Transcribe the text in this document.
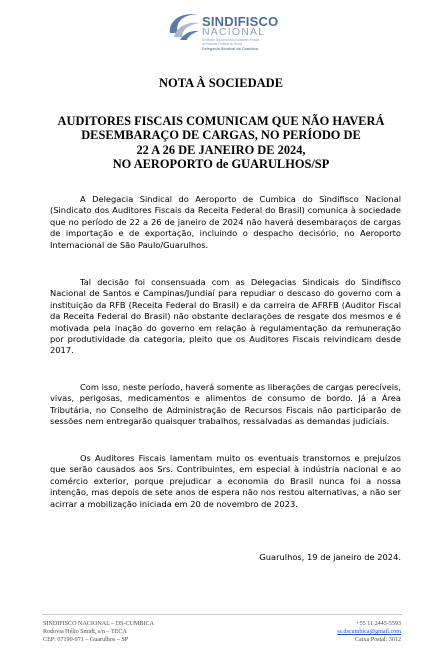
SINDIFISCO
NACIONAL
Sindicato Nacional dos Auditores Fiscais
da Receita Federal do Brasil
Delegacia Sindical de Cumbica
NOTA À SOCIEDADE
AUDITORES FISCAIS COMUNICAM QUE NÃO HAVERÁ
DESEMBARAÇO DE CARGAS, NO PERÍODO DE
22 A 26 DE JANEIRO DE 2024,
NO AEROPORTO de GUARULHOS/SP

A Delegacia Sindical do Aeroporto de Cumbica do Sindifisco Nacional (Sindicato dos Auditores Fiscais da Receita Federal do Brasil) comunica à sociedade que no período de 22 a 26 de janeiro de 2024 não haverá desembaraços de cargas de importação e de exportação, incluindo o despacho decisório, no Aeroporto Internacional de São Paulo/Guarulhos.

Tal decisão foi consensuada com as Delegacias Sindicais do Sindifisco Nacional de Santos e Campinas/Jundiaí para repudiar o descaso do governo com a instituição da RFB (Receita Federal do Brasil) e da carreira de AFRFB (Auditor Fiscal da Receita Federal do Brasil) não obstante declarações de resgate dos mesmos e é motivada pela inação do governo em relação à regulamentação da remuneração por produtividade da categoria, pleito que os Auditores Fiscais reivindicam desde 2017.

Com isso, neste período, haverá somente as liberações de cargas perecíveis, vivas, perigosas, medicamentos e alimentos de consumo de bordo. Já a Área Tributária, no Conselho de Administração de Recursos Fiscais não participarão de sessões nem entregarão quaisquer trabalhos, ressalvadas as demandas judiciais.

Os Auditores Fiscais lamentam muito os eventuais transtornos e prejuízos que serão causados aos Srs. Contribuintes, em especial à indústria nacional e ao comércio exterior, porque prejudicar a economia do Brasil nunca foi a nossa intenção, mas depois de sete anos de espera não nos restou alternativas, a não ser acirrar a mobilização iniciada em 20 de novembro de 2023.

Guarulhos, 19 de janeiro de 2024.
SINDIFISCO NACIONAL – DS-CUMBICA
Rodovia Hélio Smidt, s/n – TECA
CEP: 07190-971 – Guarulhos – SP
+55 11 2445-5593
ss.dscumbica@gmail.com
Caixa Postal: 3012
